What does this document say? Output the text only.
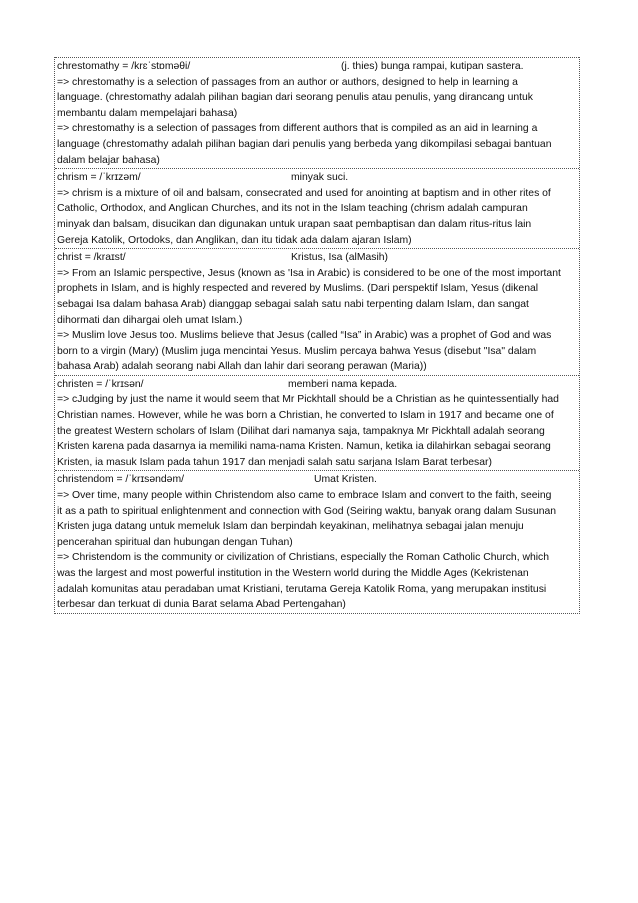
chrestomathy = /krɛˈstɒməθi/	(j. thies) bunga rampai, kutipan sastera.
=> chrestomathy is a selection of passages from an author or authors, designed to help in learning a
language. (chrestomathy adalah pilihan bagian dari seorang penulis atau penulis, yang dirancang untuk
membantu dalam mempelajari bahasa)
=> chrestomathy is a selection of passages from different authors that is compiled as an aid in learning a
language (chrestomathy adalah pilihan bagian dari penulis yang berbeda yang dikompilasi sebagai bantuan
dalam belajar bahasa)
chrism = /ˈkrɪzəm/	minyak suci.
=> chrism is a mixture of oil and balsam, consecrated and used for anointing at baptism and in other rites of
Catholic, Orthodox, and Anglican Churches, and its not in the Islam teaching (chrism adalah campuran
minyak dan balsam, disucikan dan digunakan untuk urapan saat pembaptisan dan dalam ritus-ritus lain
Gereja Katolik, Ortodoks, dan Anglikan, dan itu tidak ada dalam ajaran Islam)
christ = /kraɪst/	Kristus, Isa (alMasih)
=> From an Islamic perspective, Jesus (known as 'Isa in Arabic) is considered to be one of the most important
prophets in Islam, and is highly respected and revered by Muslims. (Dari perspektif Islam, Yesus (dikenal
sebagai Isa dalam bahasa Arab) dianggap sebagai salah satu nabi terpenting dalam Islam, dan sangat
dihormati dan dihargai oleh umat Islam.)
=> Muslim love Jesus too. Muslims believe that Jesus (called “Isa” in Arabic) was a prophet of God and was
born to a virgin (Mary) (Muslim juga mencintai Yesus. Muslim percaya bahwa Yesus (disebut "Isa" dalam
bahasa Arab) adalah seorang nabi Allah dan lahir dari seorang perawan (Maria))
christen = /ˈkrɪsən/	memberi nama kepada.
=> cJudging by just the name it would seem that Mr Pickhtall should be a Christian as he quintessentially had
Christian names. However, while he was born a Christian, he converted to Islam in 1917 and became one of
the greatest Western scholars of Islam (Dilihat dari namanya saja, tampaknya Mr Pickhtall adalah seorang
Kristen karena pada dasarnya ia memiliki nama-nama Kristen. Namun, ketika ia dilahirkan sebagai seorang
Kristen, ia masuk Islam pada tahun 1917 dan menjadi salah satu sarjana Islam Barat terbesar)
christendom = /ˈkrɪsəndəm/	Umat Kristen.
=> Over time, many people within Christendom also came to embrace Islam and convert to the faith, seeing
it as a path to spiritual enlightenment and connection with God (Seiring waktu, banyak orang dalam Susunan
Kristen juga datang untuk memeluk Islam dan berpindah keyakinan, melihatnya sebagai jalan menuju
pencerahan spiritual dan hubungan dengan Tuhan)
=> Christendom is the community or civilization of Christians, especially the Roman Catholic Church, which
was the largest and most powerful institution in the Western world during the Middle Ages (Kekristenan
adalah komunitas atau peradaban umat Kristiani, terutama Gereja Katolik Roma, yang merupakan institusi
terbesar dan terkuat di dunia Barat selama Abad Pertengahan)
